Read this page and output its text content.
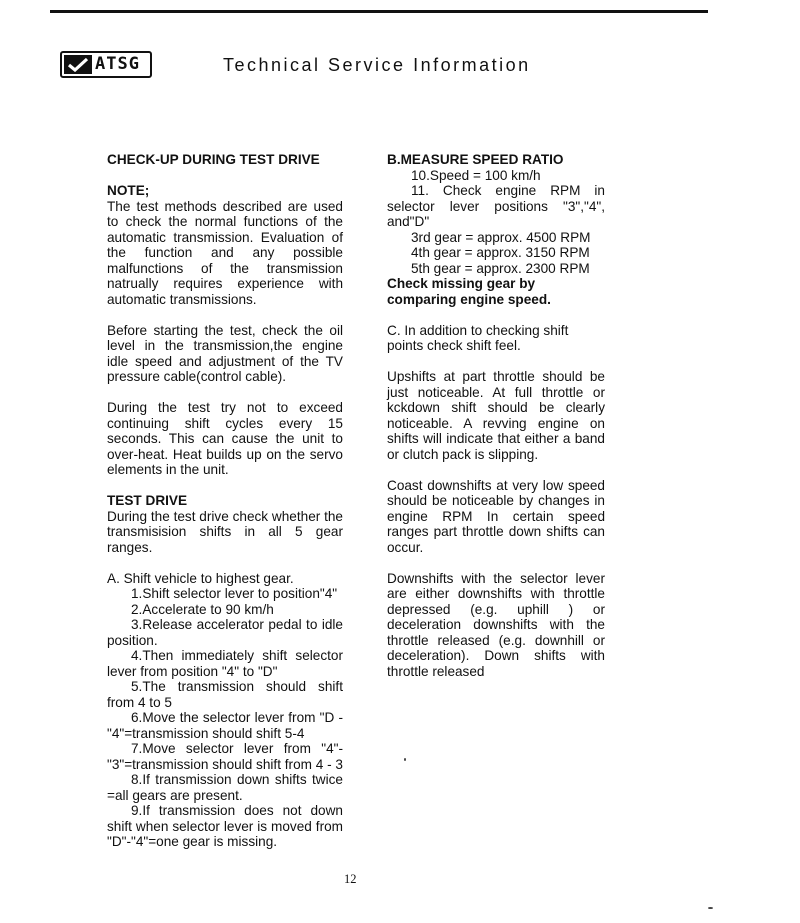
ATSG	Technical Service Information

CHECK-UP DURING TEST DRIVE

NOTE;

The test methods described are used to check the normal functions of the automatic transmission. Evaluation of the function and any possible malfunctions of the transmission natrually requires experience with automatic transmissions.

Before starting the test, check the oil level in the transmission,the engine idle speed and adjustment of the TV pressure cable(control cable).

During the test try not to exceed continuing shift cycles every 15 seconds. This can cause the unit to over-heat. Heat builds up on the servo elements in the unit.

TEST DRIVE

During the test drive check whether the transmisision shifts in all 5 gear ranges.

A. Shift vehicle to highest gear.

1.Shift selector lever to position"4"

2.Accelerate to 90 km/h

3.Release accelerator pedal to idle position.

4.Then immediately shift selector lever from position "4" to "D"

5.The transmission should shift from 4 to 5

6.Move the selector lever from "D -"4"=transmission should shift 5-4

7.Move selector lever from "4"-"3"=transmission should shift from 4 - 3

8.If transmission down shifts twice =all gears are present.

9.If transmission does not down shift when selector lever is moved from "D"-"4"=one gear is missing.

B.MEASURE SPEED RATIO

10.Speed = 100 km/h

11. Check engine RPM in selector lever positions "3","4", and"D"

3rd gear = approx. 4500 RPM

4th gear = approx. 3150 RPM

5th gear = approx. 2300 RPM

Check missing gear by comparing engine speed.

C. In addition to checking shift points check shift feel.

Upshifts at part throttle should be just noticeable. At full throttle or kckdown shift should be clearly noticeable. A revving engine on shifts will indicate that either a band or clutch pack is slipping.

Coast downshifts at very low speed should be noticeable by changes in engine RPM In certain speed ranges part throttle down shifts can occur.

Downshifts with the selector lever are either downshifts with throttle depressed (e.g. uphill ) or deceleration downshifts with the throttle released (e.g. downhill or deceleration). Down shifts with throttle released

12
